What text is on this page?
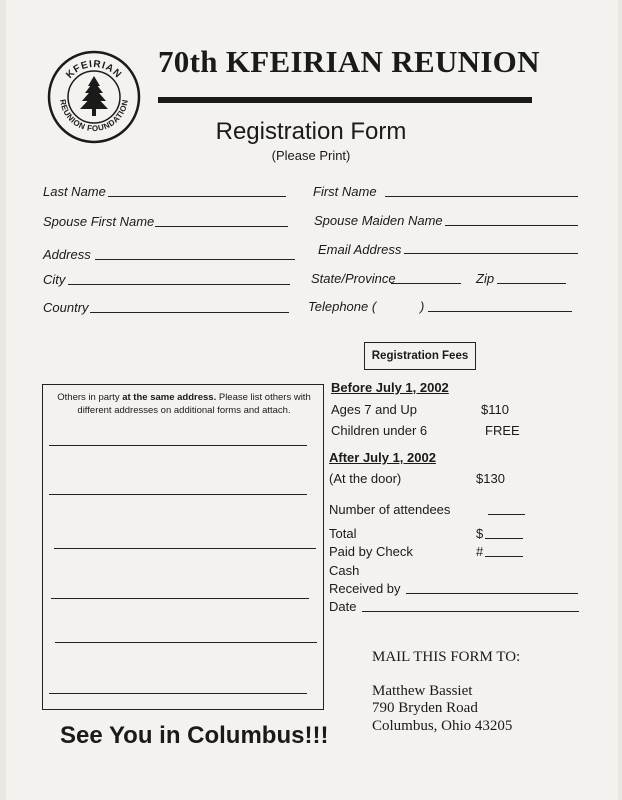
KFEIRIAN
REUNION FOUNDATION
70th KFEIRIAN REUNION
Registration Form
(Please Print)
Last Name	First Name
Spouse First Name	Spouse Maiden Name
Address	Email Address
City	State/Province	Zip
Country	Telephone (	)
Registration Fees
Others in party at the same address. Please list others with different addresses on additional forms and attach.
Before July 1, 2002
Ages 7 and Up	$110
Children under 6	FREE
After July 1, 2002
(At the door)	$130
Number of attendees
Total	$
Paid by Check	#
Cash
Received by
Date
MAIL THIS FORM TO:
Matthew Bassiet
790 Bryden Road
Columbus, Ohio 43205
See You in Columbus!!!
